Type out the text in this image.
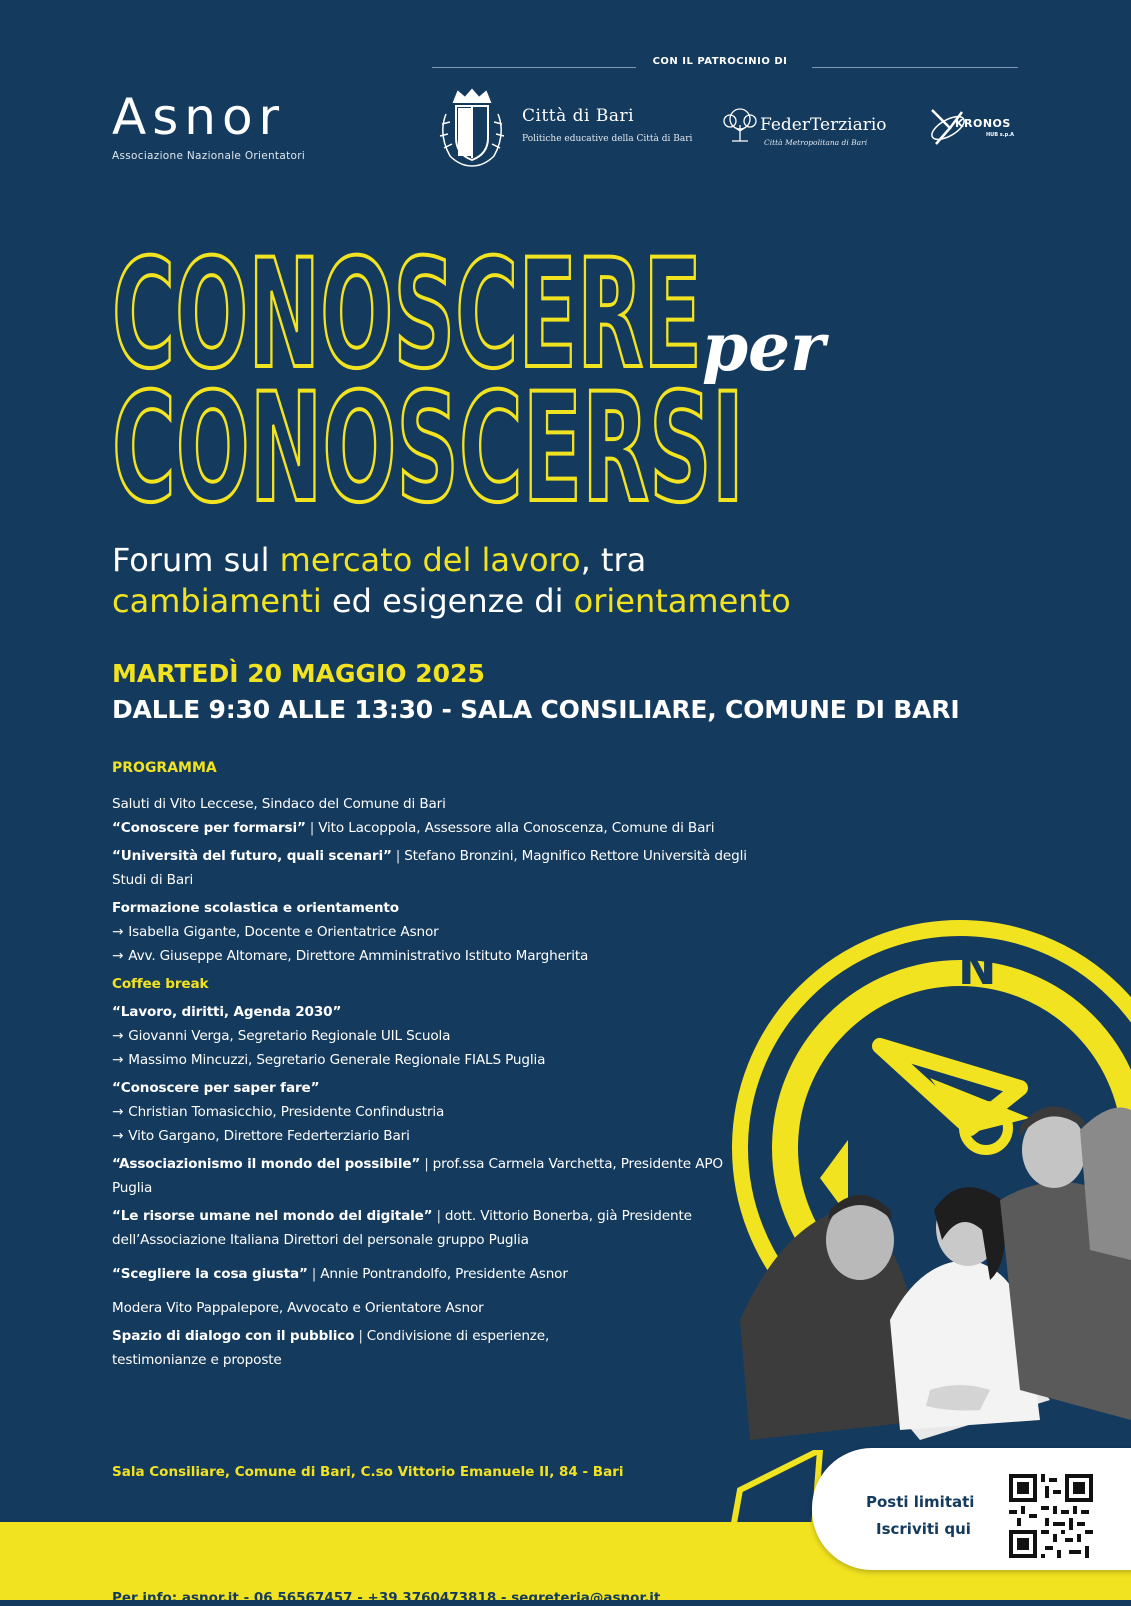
CON IL PATROCINIO DI
Asnor
Associazione Nazionale Orientatori
Città di Bari
Politiche educative della Città di Bari
FederTerziario
Città Metropolitana di Bari
KRONOS
HUB s.p.A
CONOSCERE per
CONOSCERSI
Forum sul mercato del lavoro, tra
cambiamenti ed esigenze di orientamento
MARTEDÌ 20 MAGGIO 2025
DALLE 9:30 ALLE 13:30 - SALA CONSILIARE, COMUNE DI BARI
PROGRAMMA

Saluti di Vito Leccese, Sindaco del Comune di Bari

“Conoscere per formarsi” | Vito Lacoppola, Assessore alla Conoscenza, Comune di Bari

“Università del futuro, quali scenari” | Stefano Bronzini, Magnifico Rettore Università degli
Studi di Bari

Formazione scolastica e orientamento
→ Isabella Gigante, Docente e Orientatrice Asnor
→ Avv. Giuseppe Altomare, Direttore Amministrativo Istituto Margherita

Coffee break

“Lavoro, diritti, Agenda 2030”
→ Giovanni Verga, Segretario Regionale UIL Scuola
→ Massimo Mincuzzi, Segretario Generale Regionale FIALS Puglia

“Conoscere per saper fare”
→ Christian Tomasicchio, Presidente Confindustria
→ Vito Gargano, Direttore Federterziario Bari

“Associazionismo il mondo del possibile” | prof.ssa Carmela Varchetta, Presidente APO
Puglia

“Le risorse umane nel mondo del digitale” | dott. Vittorio Bonerba, già Presidente
dell’Associazione Italiana Direttori del personale gruppo Puglia

“Scegliere la cosa giusta” | Annie Pontrandolfo, Presidente Asnor

Modera Vito Pappalepore, Avvocato e Orientatore Asnor

Spazio di dialogo con il pubblico | Condivisione di esperienze,
testimonianze e proposte

N
Sala Consiliare, Comune di Bari, C.so Vittorio Emanuele II, 84 - Bari
Per info: asnor.it - 06 56567457 - +39 3760473818 - segreteria@asnor.it
Posti limitati
Iscriviti qui
